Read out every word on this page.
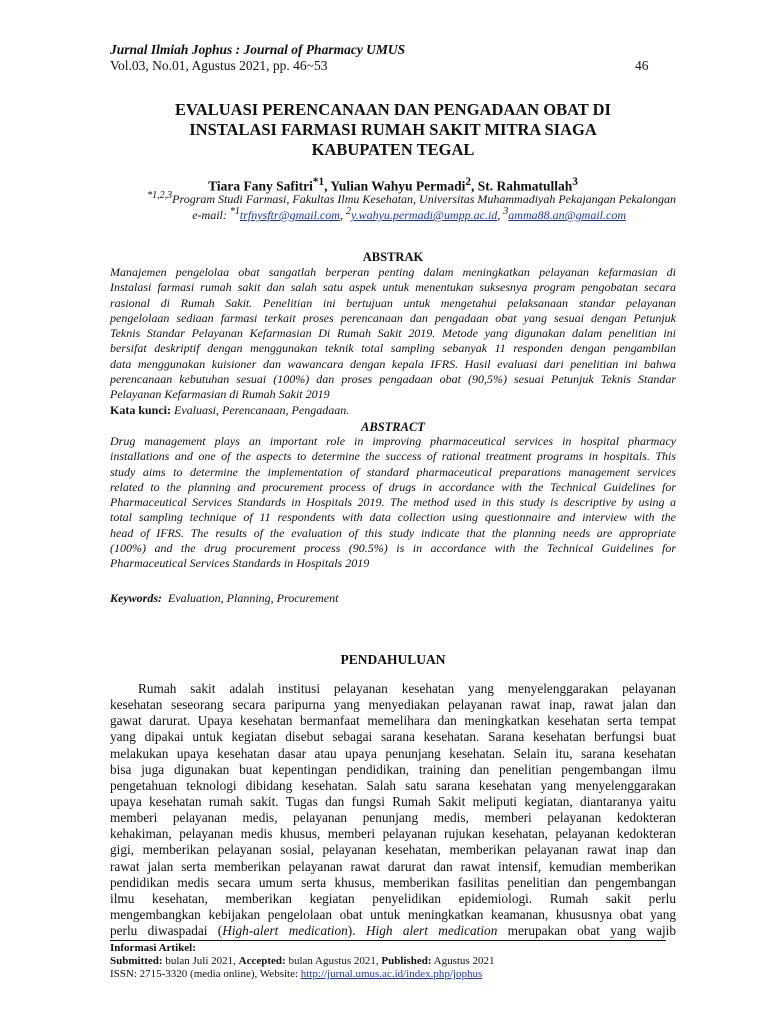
Jurnal Ilmiah Jophus : Journal of Pharmacy UMUS
Vol.03, No.01, Agustus 2021, pp. 46~53	46
EVALUASI PERENCANAAN DAN PENGADAAN OBAT DI
INSTALASI FARMASI RUMAH SAKIT MITRA SIAGA
KABUPATEN TEGAL
Tiara Fany Safitri$^{*1}$, Yulian Wahyu Permadi$^2$, St. Rahmatullah$^3$
$^{*1,2,3}$Program Studi Farmasi, Fakultas Ilmu Kesehatan, Universitas Muhammadiyah Pekajangan Pekalongan
e-mail: $^{*1}$trfnysftr@gmail.com, $^2$y.wahyu.permadi@umpp.ac.id, $^3$amma88.an@gmail.com
ABSTRAK
Manajemen pengelolaa obat sangatlah berperan penting dalam meningkatkan pelayanan kefarmasian di
Instalasi farmasi rumah sakit dan salah satu aspek untuk menentukan suksesnya program pengobatan secara
rasional di Rumah Sakit. Penelitian ini bertujuan untuk mengetahui pelaksanaan standar pelayanan
pengelolaan sediaan farmasi terkait proses perencanaan dan pengadaan obat yang sesuai dengan Petunjuk
Teknis Standar Pelayanan Kefarmasian Di Rumah Sakit 2019. Metode yang digunakan dalam penelitian ini
bersifat deskriptif dengan menggunakan teknik total sampling sebanyak 11 responden dengan pengambilan
data menggunakan kuisioner dan wawancara dengan kepala IFRS. Hasil evaluasi dari penelitian ini bahwa
perencanaan kebutuhan sesuai (100%) dan proses pengadaan obat (90,5%) sesuai Petunjuk Teknis Standar
Pelayanan Kefarmasian di Rumah Sakit 2019
Kata kunci: Evaluasi, Perencanaan, Pengadaan.
ABSTRACT
Drug management plays an important role in improving pharmaceutical services in hospital pharmacy
installations and one of the aspects to determine the success of rational treatment programs in hospitals. This
study aims to determine the implementation of standard pharmaceutical preparations management services
related to the planning and procurement process of drugs in accordance with the Technical Guidelines for
Pharmaceutical Services Standards in Hospitals 2019. The method used in this study is descriptive by using a
total sampling technique of 11 respondents with data collection using questionnaire and interview with the
head of IFRS. The results of the evaluation of this study indicate that the planning needs are appropriate
(100%) and the drug procurement process (90.5%) is in accordance with the Technical Guidelines for
Pharmaceutical Services Standards in Hospitals 2019
Keywords: Evaluation, Planning, Procurement
PENDAHULUAN
Rumah sakit adalah institusi pelayanan kesehatan yang menyelenggarakan pelayanan
kesehatan seseorang secara paripurna yang menyediakan pelayanan rawat inap, rawat jalan dan
gawat darurat. Upaya kesehatan bermanfaat memelihara dan meningkatkan kesehatan serta tempat
yang dipakai untuk kegiatan disebut sebagai sarana kesehatan. Sarana kesehatan berfungsi buat
melakukan upaya kesehatan dasar atau upaya penunjang kesehatan. Selain itu, sarana kesehatan
bisa juga digunakan buat kepentingan pendidikan, training dan penelitian pengembangan ilmu
pengetahuan teknologi dibidang kesehatan. Salah satu sarana kesehatan yang menyelenggarakan
upaya kesehatan rumah sakit. Tugas dan fungsi Rumah Sakit meliputi kegiatan, diantaranya yaitu
memberi pelayanan medis, pelayanan penunjang medis, memberi pelayanan kedokteran
kehakiman, pelayanan medis khusus, memberi pelayanan rujukan kesehatan, pelayanan kedokteran
gigi, memberikan pelayanan sosial, pelayanan kesehatan, memberikan pelayanan rawat inap dan
rawat jalan serta memberikan pelayanan rawat darurat dan rawat intensif, kemudian memberikan
pendidikan medis secara umum serta khusus, memberikan fasilitas penelitian dan pengembangan
ilmu kesehatan, memberikan kegiatan penyelidikan epidemiologi. Rumah sakit perlu
mengembangkan kebijakan pengelolaan obat untuk meningkatkan keamanan, khususnya obat yang
perlu diwaspadai (High-alert medication). High alert medication merupakan obat yang wajib
Informasi Artikel:
Submitted: bulan Juli 2021, Accepted: bulan Agustus 2021, Published: Agustus 2021
ISSN: 2715-3320 (media online), Website: http://jurnal.umus.ac.id/index.php/jophus
